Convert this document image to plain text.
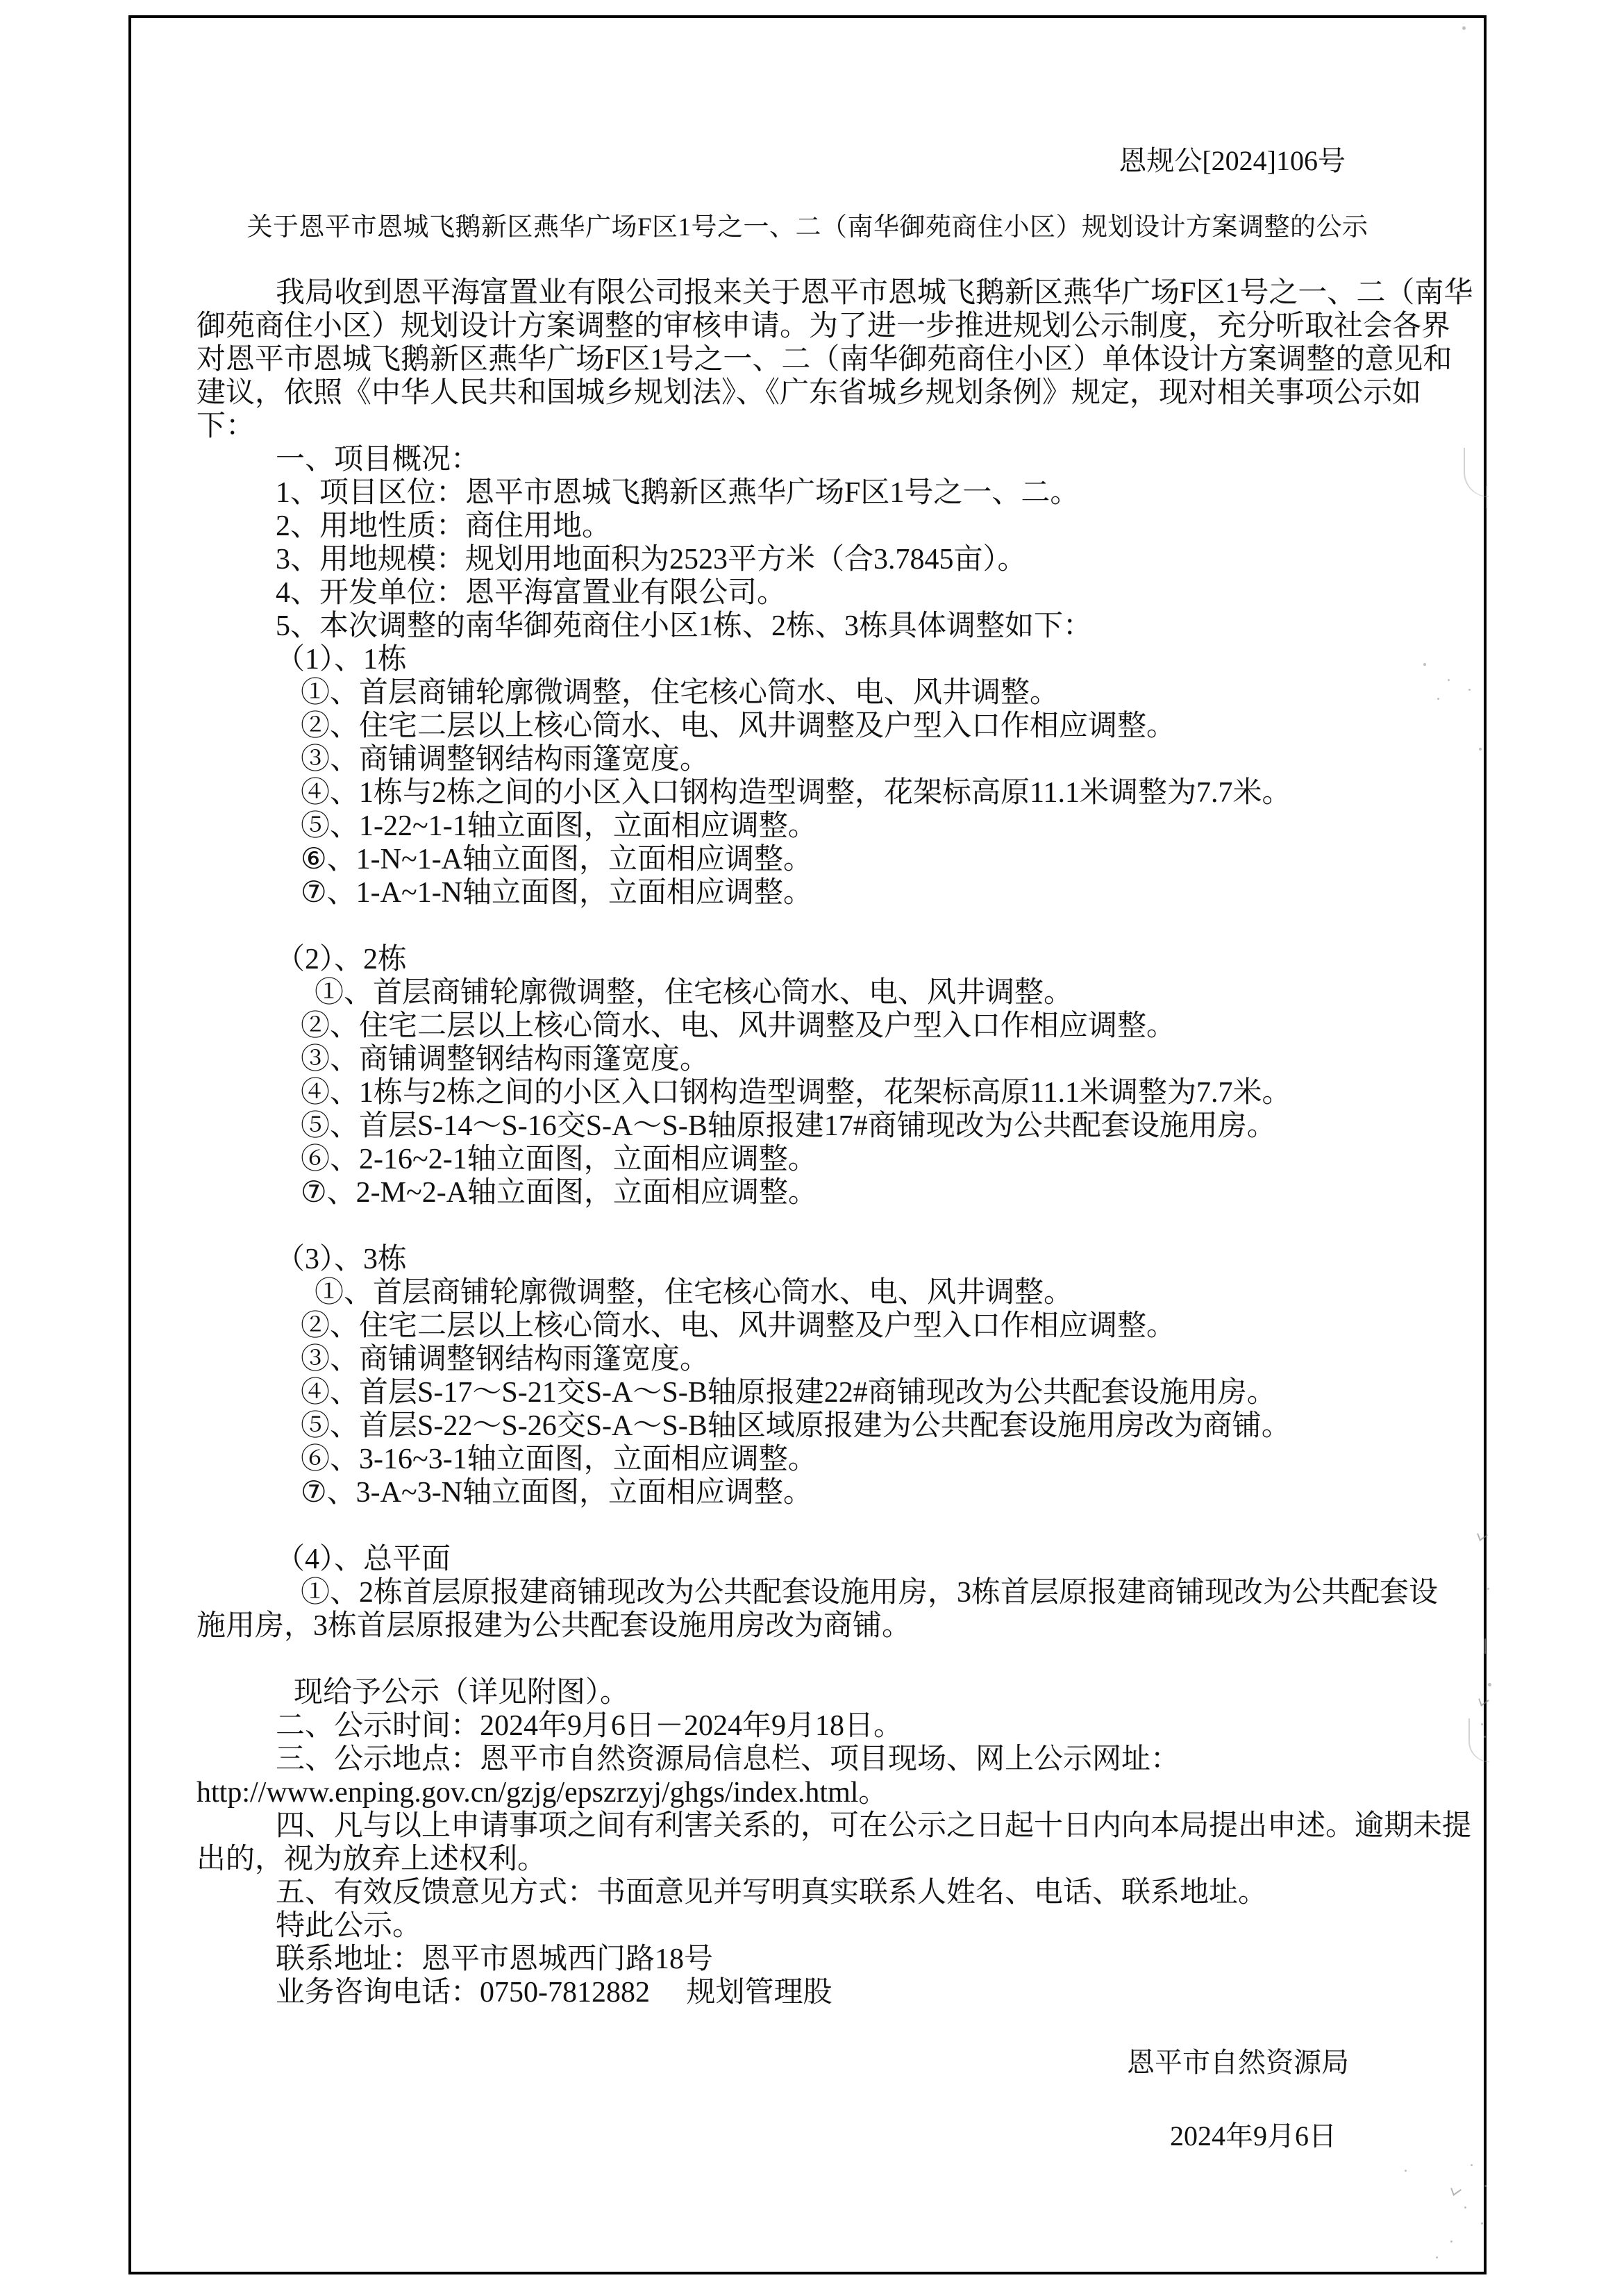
恩规公[2024]106号
关于恩平市恩城飞鹅新区燕华广场F区1号之一、二（南华御苑商住小区）规划设计方案调整的公示

我局收到恩平海富置业有限公司报来关于恩平市恩城飞鹅新区燕华广场F区1号之一、二（南华

御苑商住小区）规划设计方案调整的审核申请。为了进一步推进规划公示制度，充分听取社会各界

对恩平市恩城飞鹅新区燕华广场F区1号之一、二（南华御苑商住小区）单体设计方案调整的意见和

建议，依照《中华人民共和国城乡规划法》、《广东省城乡规划条例》规定，现对相关事项公示如

下：

一、项目概况：

1、项目区位：恩平市恩城飞鹅新区燕华广场F区1号之一、二。

2、用地性质：商住用地。

3、用地规模：规划用地面积为2523平方米（合3.7845亩）。

4、开发单位：恩平海富置业有限公司。

5、本次调整的南华御苑商住小区1栋、2栋、3栋具体调整如下：

（1）、1栋

①、首层商铺轮廓微调整，住宅核心筒水、电、风井调整。

②、住宅二层以上核心筒水、电、风井调整及户型入口作相应调整。

③、商铺调整钢结构雨篷宽度。

④、1栋与2栋之间的小区入口钢构造型调整，花架标高原11.1米调整为7.7米。

⑤、1-22~1-1轴立面图，立面相应调整。

⑥、1-N~1-A轴立面图，立面相应调整。

⑦、1-A~1-N轴立面图，立面相应调整。

（2）、2栋

①、首层商铺轮廓微调整，住宅核心筒水、电、风井调整。

②、住宅二层以上核心筒水、电、风井调整及户型入口作相应调整。

③、商铺调整钢结构雨篷宽度。

④、1栋与2栋之间的小区入口钢构造型调整，花架标高原11.1米调整为7.7米。

⑤、首层S-14～S-16交S-A～S-B轴原报建17#商铺现改为公共配套设施用房。

⑥、2-16~2-1轴立面图，立面相应调整。

⑦、2-M~2-A轴立面图，立面相应调整。

（3）、3栋

①、首层商铺轮廓微调整，住宅核心筒水、电、风井调整。

②、住宅二层以上核心筒水、电、风井调整及户型入口作相应调整。

③、商铺调整钢结构雨篷宽度。

④、首层S-17～S-21交S-A～S-B轴原报建22#商铺现改为公共配套设施用房。

⑤、首层S-22～S-26交S-A～S-B轴区域原报建为公共配套设施用房改为商铺。

⑥、3-16~3-1轴立面图，立面相应调整。

⑦、3-A~3-N轴立面图，立面相应调整。

（4）、总平面

①、2栋首层原报建商铺现改为公共配套设施用房，3栋首层原报建商铺现改为公共配套设

施用房，3栋首层原报建为公共配套设施用房改为商铺。

现给予公示（详见附图）。

二、公示时间：2024年9月6日－2024年9月18日。

三、公示地点：恩平市自然资源局信息栏、项目现场、网上公示网址：

http://www.enping.gov.cn/gzjg/epszrzyj/ghgs/index.html。

四、凡与以上申请事项之间有利害关系的，可在公示之日起十日内向本局提出申述。逾期未提

出的，视为放弃上述权利。

五、有效反馈意见方式：书面意见并写明真实联系人姓名、电话、联系地址。

特此公示。

联系地址：恩平市恩城西门路18号

业务咨询电话：0750-7812882　 规划管理股

恩平市自然资源局
2024年9月6日
